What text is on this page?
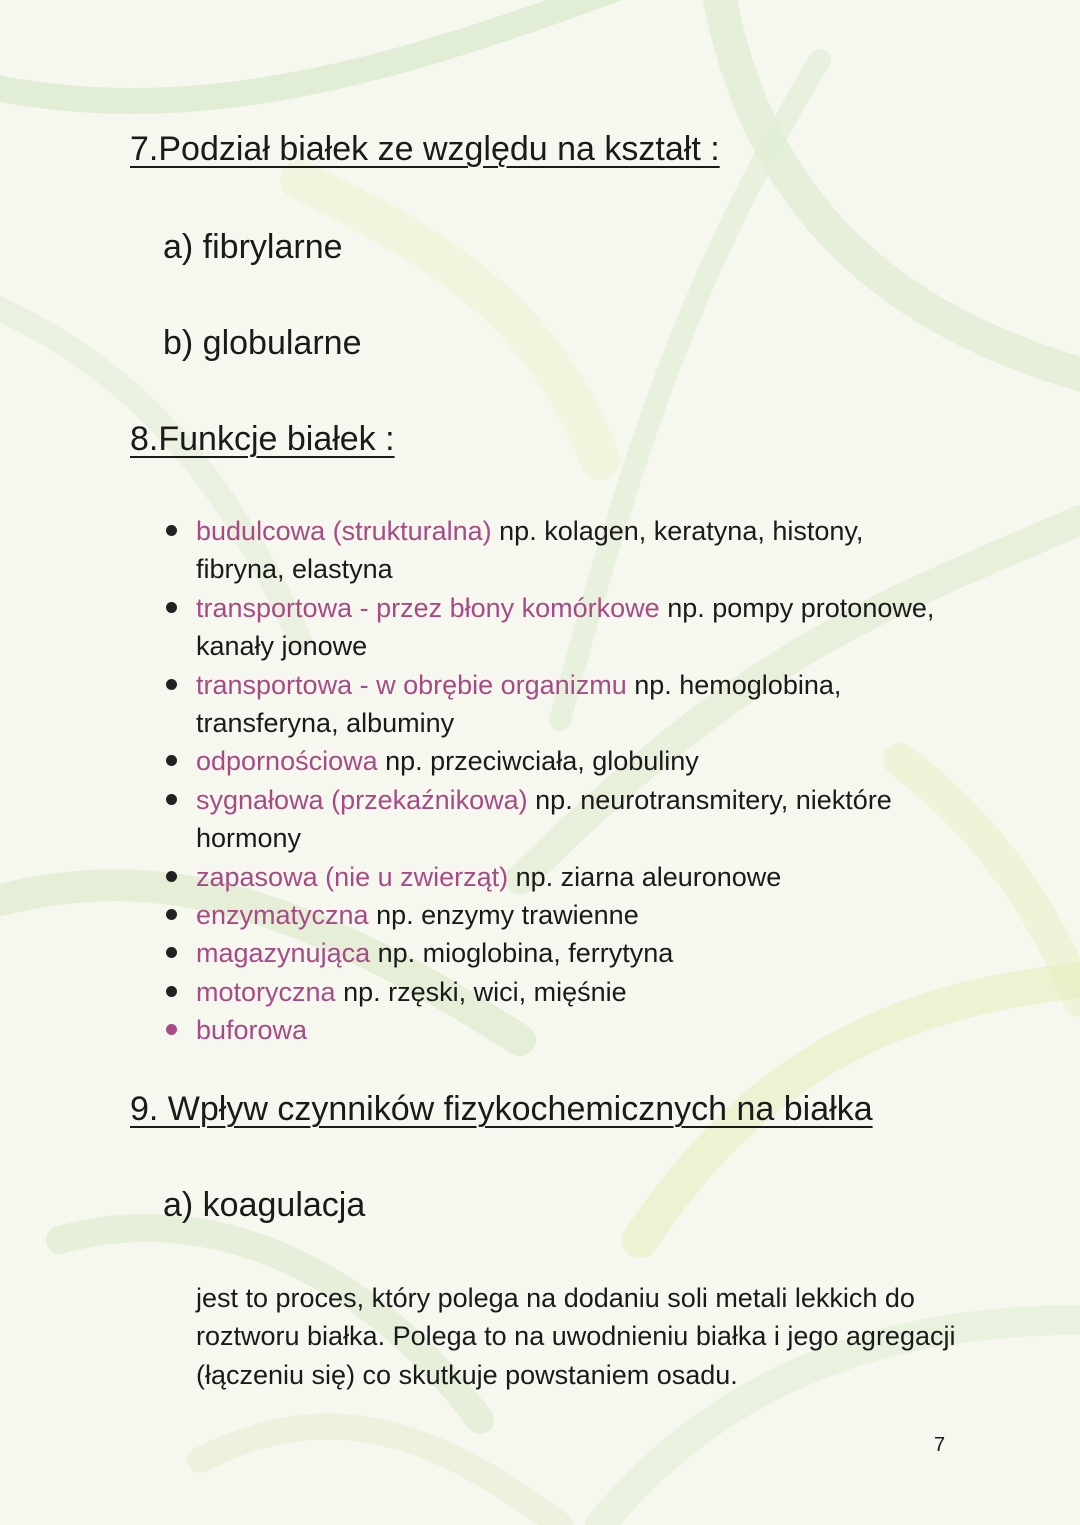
7.Podział białek ze względu na kształt :

a) fibrylarne

b) globularne

8.Funkcje białek :
budulcowa (strukturalna) np. kolagen, keratyna, histony, fibryna, elastyna
transportowa - przez błony komórkowe np. pompy protonowe, kanały jonowe
transportowa - w obrębie organizmu np. hemoglobina, transferyna, albuminy
odpornościowa np. przeciwciała, globuliny
sygnałowa (przekaźnikowa) np. neurotransmitery, niektóre hormony
zapasowa (nie u zwierząt) np. ziarna aleuronowe
enzymatyczna np. enzymy trawienne
magazynująca np. mioglobina, ferrytyna
motoryczna np. rzęski, wici, mięśnie
buforowa
9. Wpływ czynników fizykochemicznych na białka

a) koagulacja

jest to proces, który polega na dodaniu soli metali lekkich do roztworu białka. Polega to na uwodnieniu białka i jego agregacji (łączeniu się) co skutkuje powstaniem osadu.

7
